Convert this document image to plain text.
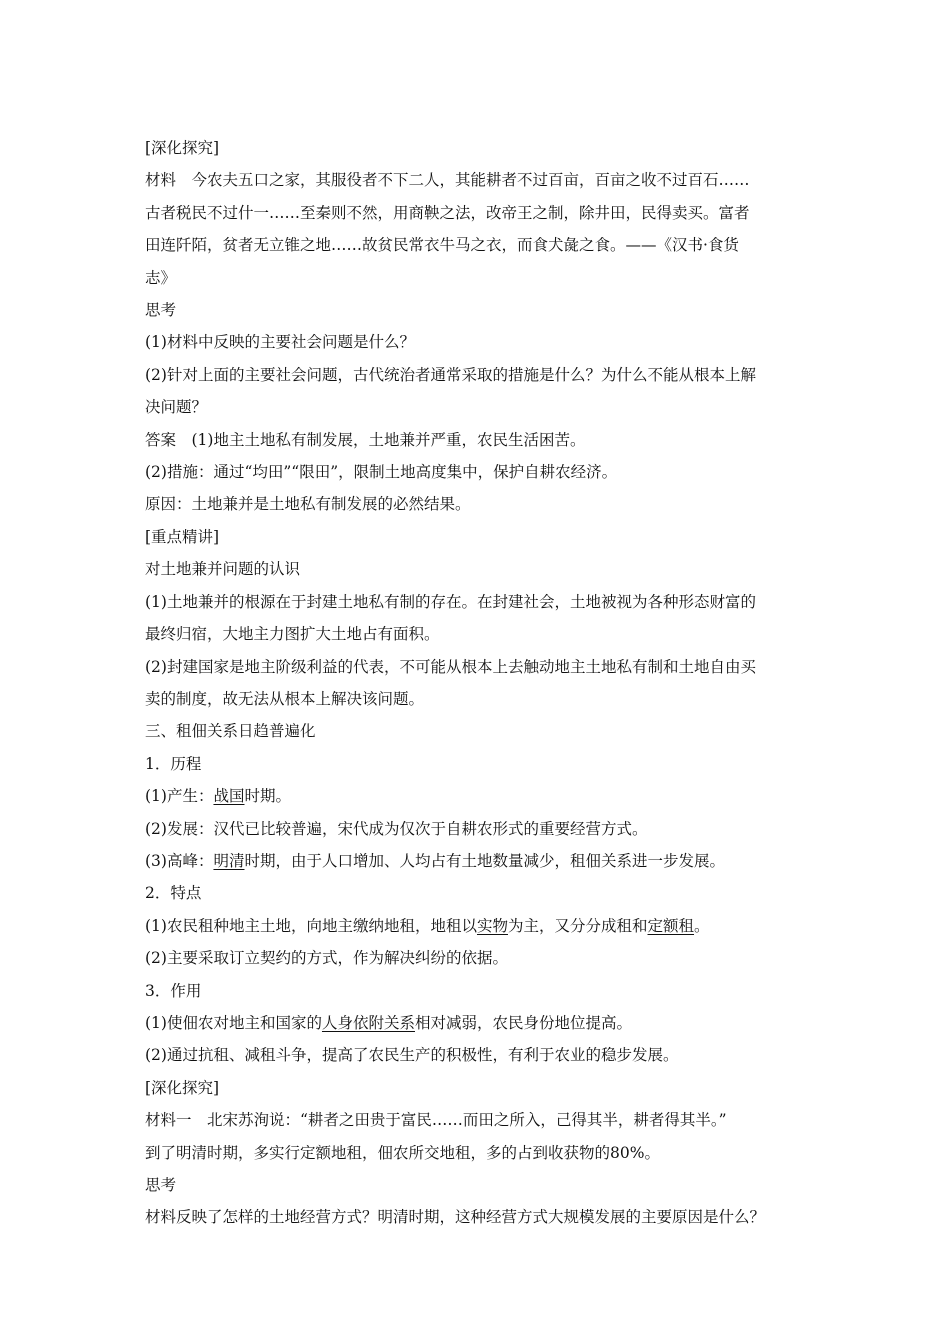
[深化探究]

材料　今农夫五口之家，其服役者不下二人，其能耕者不过百亩，百亩之收不过百石……

古者税民不过什一……至秦则不然，用商鞅之法，改帝王之制，除井田，民得卖买。富者

田连阡陌，贫者无立锥之地……故贫民常衣牛马之衣，而食犬彘之食。——《汉书·食货

志》

思考

(1)材料中反映的主要社会问题是什么？

(2)针对上面的主要社会问题，古代统治者通常采取的措施是什么？为什么不能从根本上解

决问题？

答案　(1)地主土地私有制发展，土地兼并严重，农民生活困苦。

(2)措施：通过“均田”“限田”，限制土地高度集中，保护自耕农经济。

原因：土地兼并是土地私有制发展的必然结果。

[重点精讲]

对土地兼并问题的认识

(1)土地兼并的根源在于封建土地私有制的存在。在封建社会，土地被视为各种形态财富的

最终归宿，大地主力图扩大土地占有面积。

(2)封建国家是地主阶级利益的代表，不可能从根本上去触动地主土地私有制和土地自由买

卖的制度，故无法从根本上解决该问题。

三、租佃关系日趋普遍化

1．历程

(1)产生：战国时期。

(2)发展：汉代已比较普遍，宋代成为仅次于自耕农形式的重要经营方式。

(3)高峰：明清时期，由于人口增加、人均占有土地数量减少，租佃关系进一步发展。

2．特点

(1)农民租种地主土地，向地主缴纳地租，地租以实物为主，又分分成租和定额租。

(2)主要采取订立契约的方式，作为解决纠纷的依据。

3．作用

(1)使佃农对地主和国家的人身依附关系相对减弱，农民身份地位提高。

(2)通过抗租、减租斗争，提高了农民生产的积极性，有利于农业的稳步发展。

[深化探究]

材料一　北宋苏洵说：“耕者之田贵于富民……而田之所入，己得其半，耕者得其半。”

到了明清时期，多实行定额地租，佃农所交地租，多的占到收获物的80%。

思考

材料反映了怎样的土地经营方式？明清时期，这种经营方式大规模发展的主要原因是什么？
